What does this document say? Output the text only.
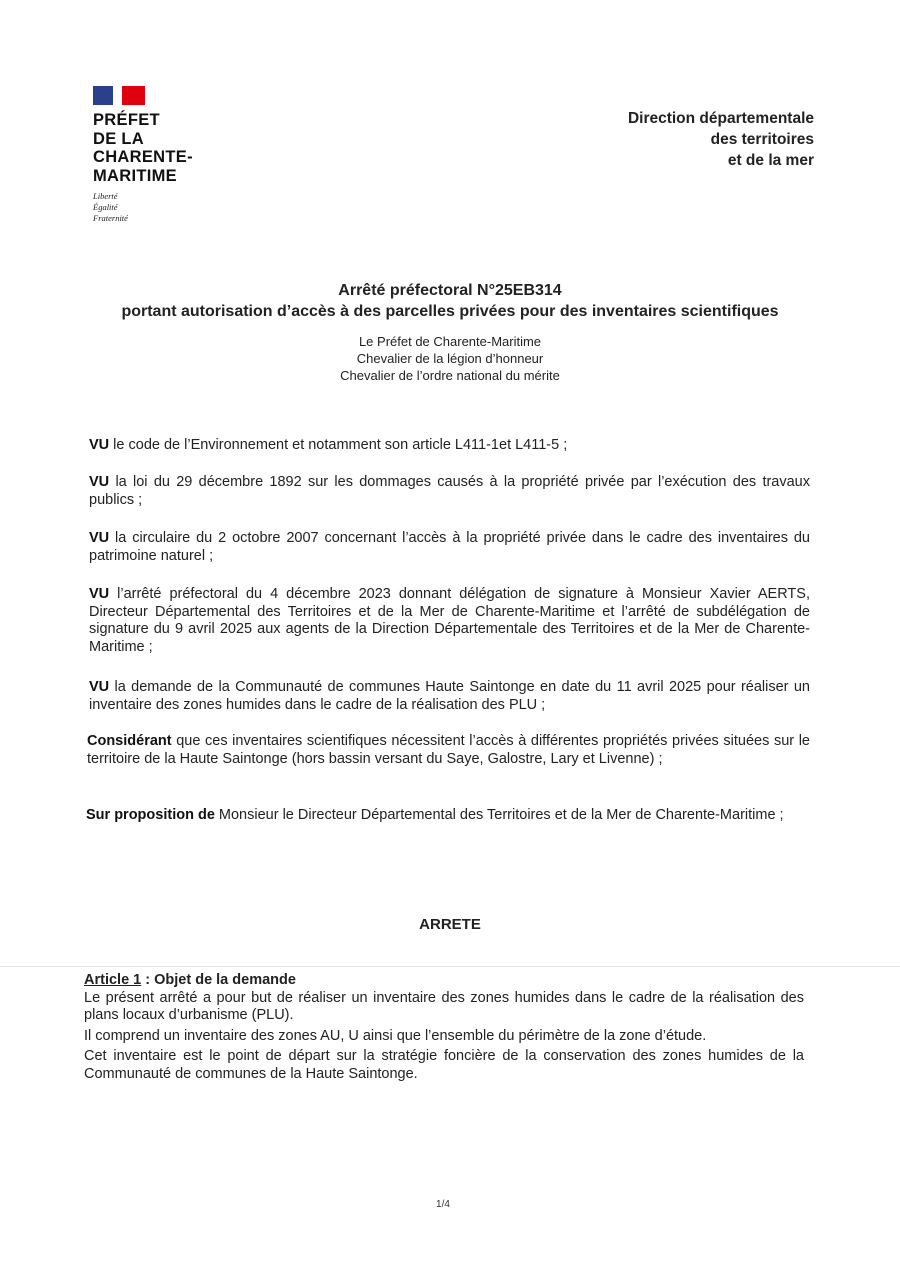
PRÉFET
DE LA
CHARENTE-
MARITIME
Liberté
Égalité
Fraternité
Direction départementale
des territoires
et de la mer
Arrêté préfectoral N°25EB314
portant autorisation d’accès à des parcelles privées pour des inventaires scientifiques
Le Préfet de Charente-Maritime
Chevalier de la légion d’honneur
Chevalier de l’ordre national du mérite
VU le code de l’Environnement et notamment son article L411-1et L411-5 ;
VU la loi du 29 décembre 1892 sur les dommages causés à la propriété privée par l’exécution des travaux publics ;
VU la circulaire du 2 octobre 2007 concernant l’accès à la propriété privée dans le cadre des inventaires du patrimoine naturel ;
VU l’arrêté préfectoral du 4 décembre 2023 donnant délégation de signature à Monsieur Xavier AERTS, Directeur Départemental des Territoires et de la Mer de Charente-Maritime et l’arrêté de subdélégation de signature du 9 avril 2025 aux agents de la Direction Départementale des Territoires et de la Mer de Charente-Maritime ;
VU la demande de la Communauté de communes Haute Saintonge en date du 11 avril 2025 pour réaliser un inventaire des zones humides dans le cadre de la réalisation des PLU ;
Considérant que ces inventaires scientifiques nécessitent l’accès à différentes propriétés privées situées sur le territoire de la Haute Saintonge (hors bassin versant du Saye, Galostre, Lary et Livenne) ;
Sur proposition de Monsieur le Directeur Départemental des Territoires et de la Mer de Charente-Maritime ;
ARRETE
Article 1 : Objet de la demande

Le présent arrêté a pour but de réaliser un inventaire des zones humides dans le cadre de la réalisation des plans locaux d’urbanisme (PLU).

Il comprend un inventaire des zones AU, U ainsi que l’ensemble du périmètre de la zone d’étude.

Cet inventaire est le point de départ sur la stratégie foncière de la conservation des zones humides de la Communauté de communes de la Haute Saintonge.

1/4
